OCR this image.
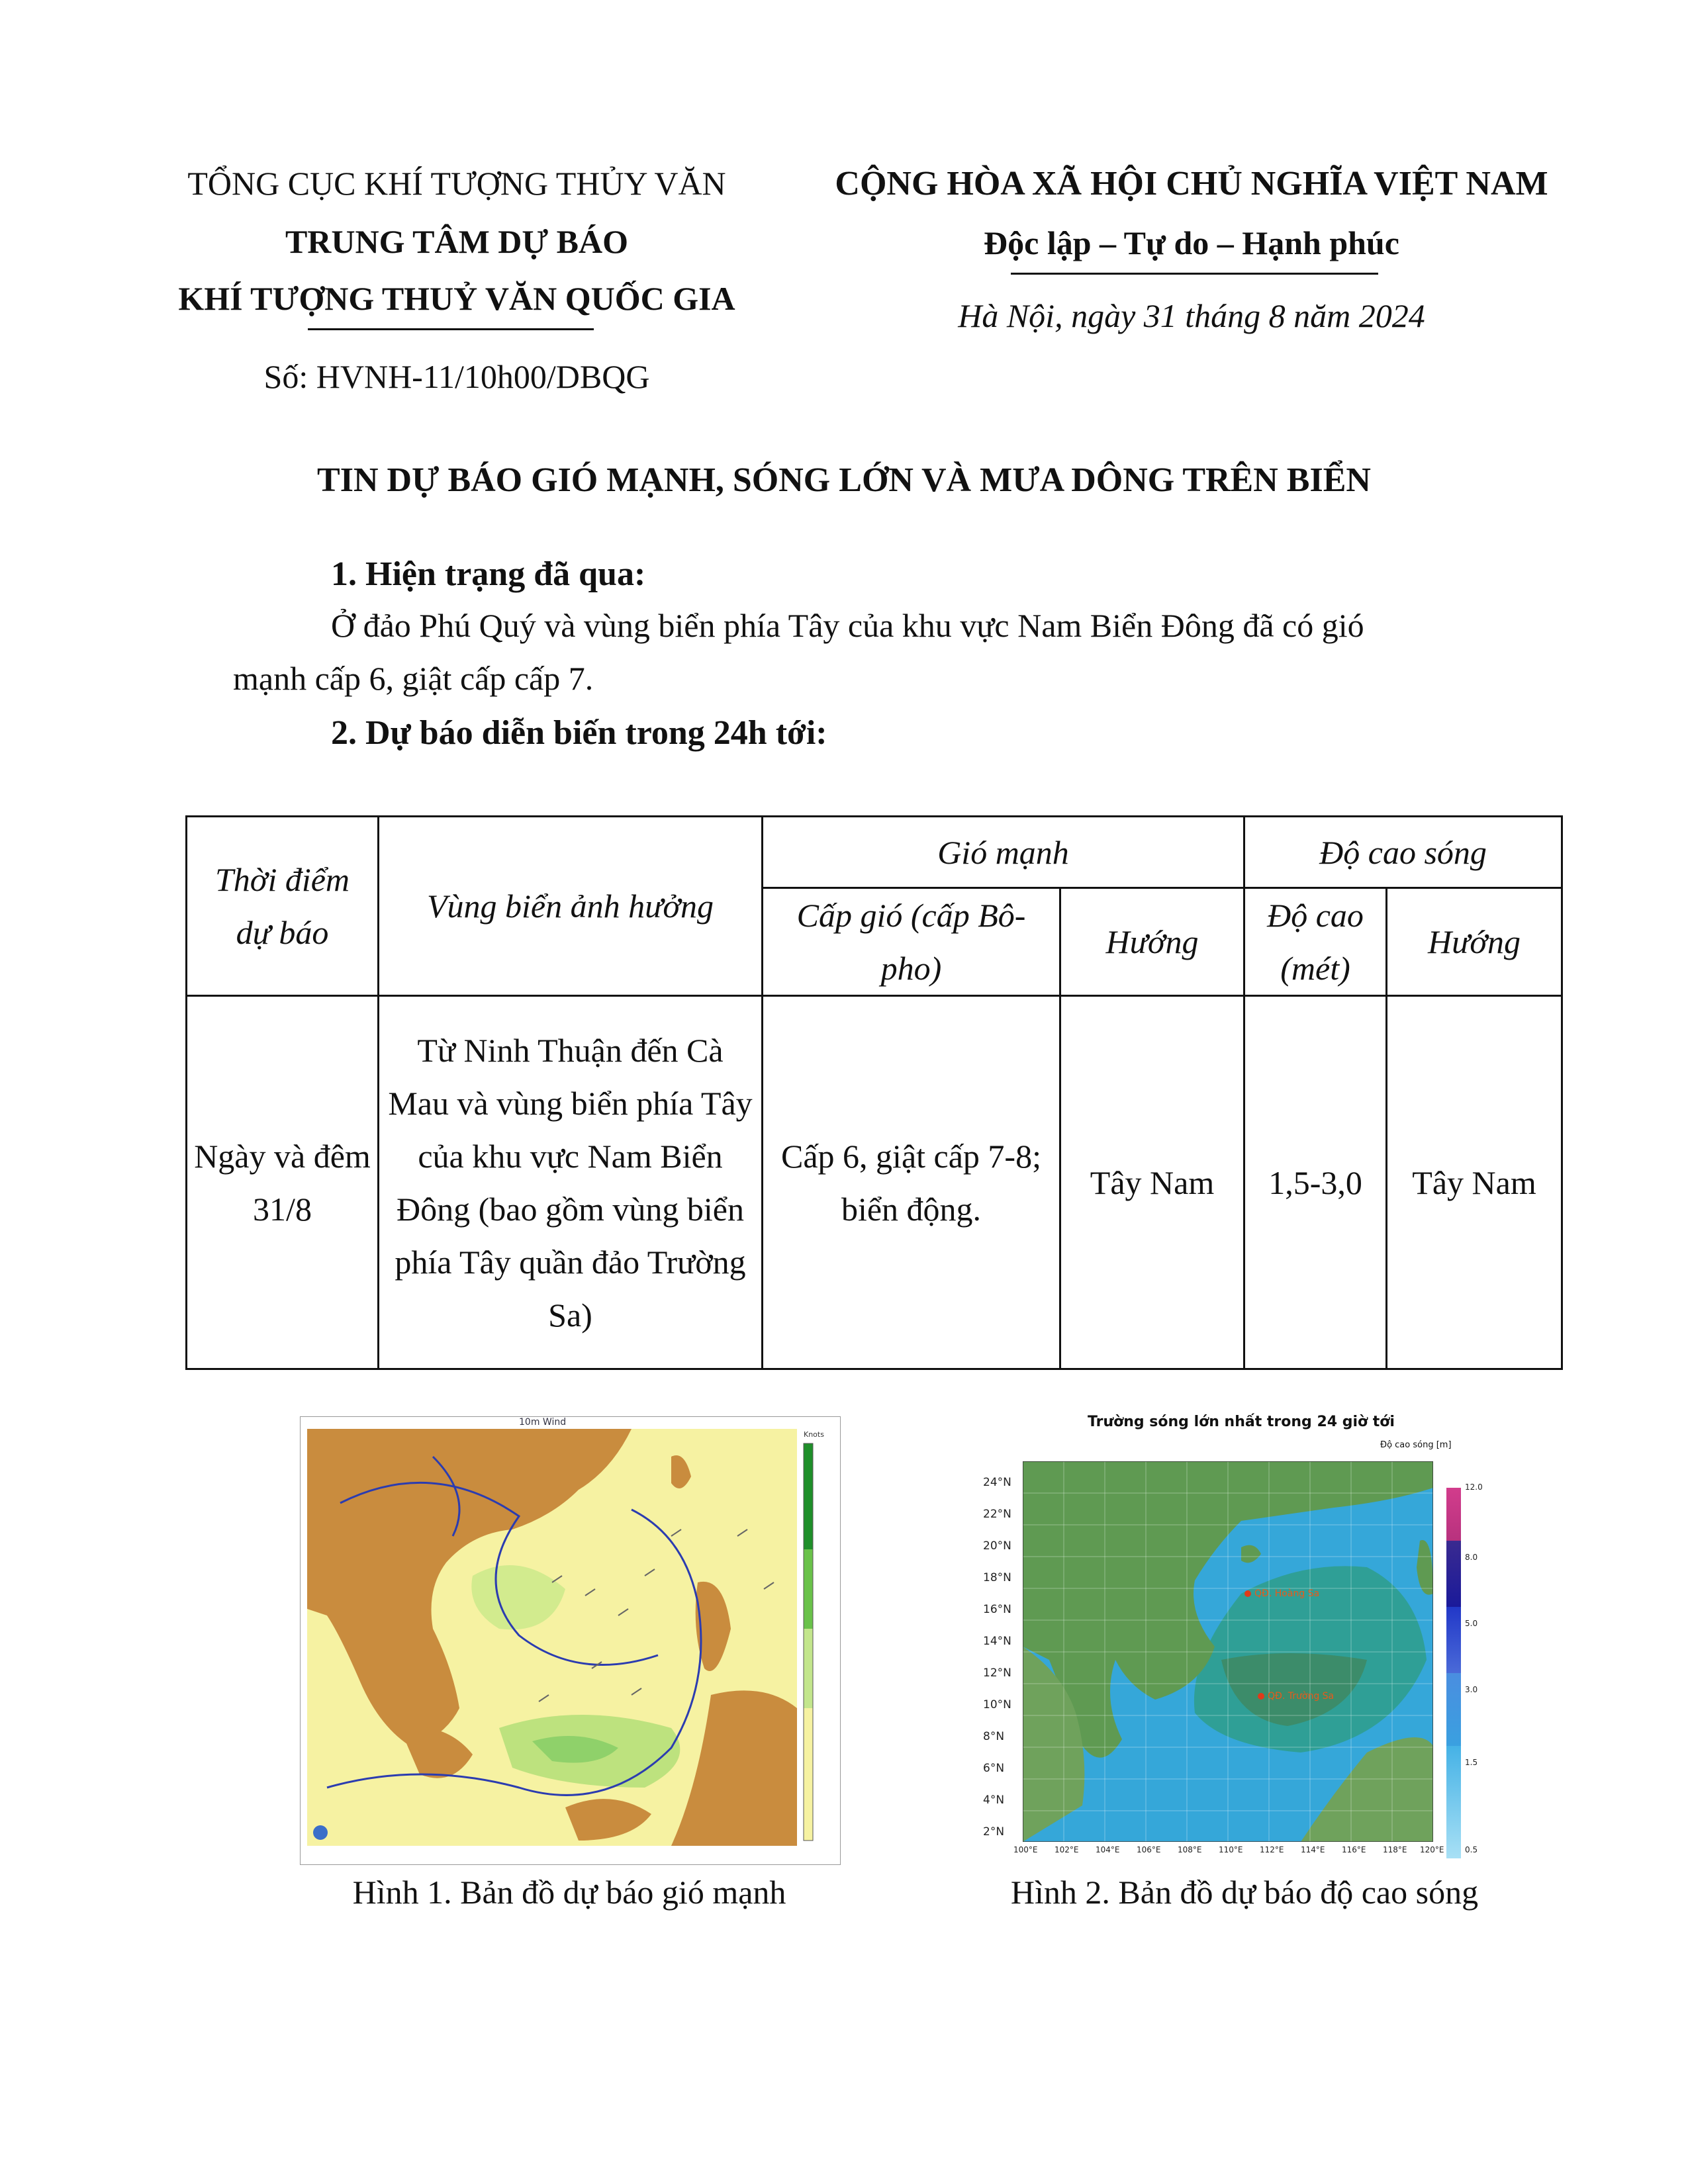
TỔNG CỤC KHÍ TƯỢNG THỦY VĂN
TRUNG TÂM DỰ BÁO
KHÍ TƯỢNG THUỶ VĂN QUỐC GIA
Số: HVNH-11/10h00/DBQG
CỘNG HÒA XÃ HỘI CHỦ NGHĨA VIỆT NAM
Độc lập – Tự do – Hạnh phúc
Hà Nội, ngày 31 tháng 8 năm 2024
TIN DỰ BÁO GIÓ MẠNH, SÓNG LỚN VÀ MƯA DÔNG TRÊN BIỂN
1. Hiện trạng đã qua:
Ở đảo Phú Quý và vùng biển phía Tây của khu vực Nam Biển Đông đã có gió
mạnh cấp 6, giật cấp cấp 7.
2. Dự báo diễn biến trong 24h tới:
Thời điểm dự báo	Vùng biển ảnh hưởng	Gió mạnh		Độ cao sóng	
		Cấp gió (cấp Bô-pho)	Hướng	Độ cao (mét)	Hướng
Ngày và đêm 31/8	Từ Ninh Thuận đến Cà Mau và vùng biển phía Tây của khu vực Nam Biển Đông (bao gồm vùng biển phía Tây quần đảo Trường Sa)	Cấp 6, giật cấp 7-8; biển động.	Tây Nam	1,5-3,0	Tây Nam
10m Wind
Knots
Hình 1. Bản đồ dự báo gió mạnh
Trường sóng lớn nhất trong 24 giờ tới
Độ cao sóng [m]
QĐ. Hoàng Sa
QĐ. Trường Sa
24°N
22°N
20°N
18°N
16°N
14°N
12°N
10°N
8°N
6°N
4°N
2°N
100°E 102°E 104°E 106°E 108°E 110°E 112°E 114°E 116°E 118°E 120°E
12.0
8.0
5.0
3.0
1.5
0.5
Hình 2. Bản đồ dự báo độ cao sóng
